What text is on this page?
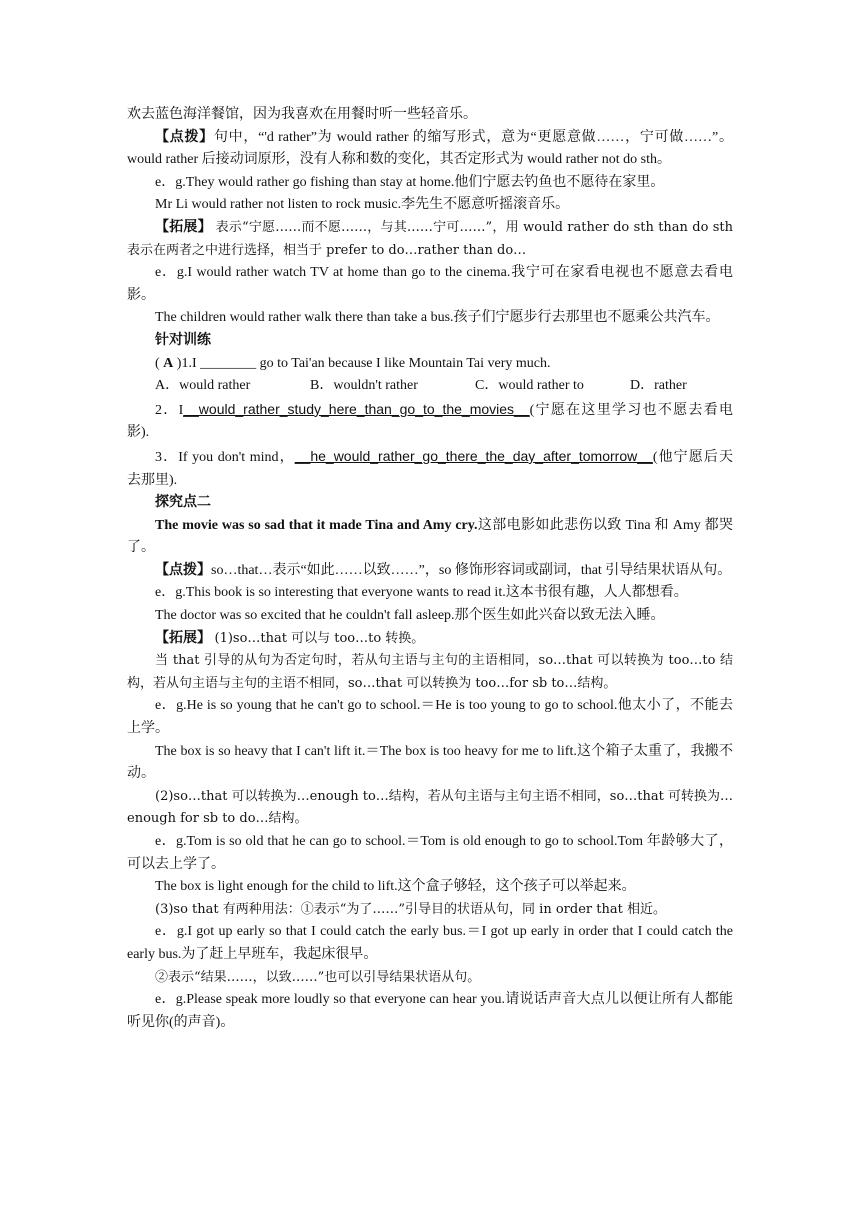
欢去蓝色海洋餐馆，因为我喜欢在用餐时听一些轻音乐。

【点拨】句中，“'d rather”为 would rather 的缩写形式，意为“更愿意做……，宁可做……”。would rather 后接动词原形，没有人称和数的变化，其否定形式为 would rather not do sth。

e．g.They would rather go fishing than stay at home.他们宁愿去钓鱼也不愿待在家里。

Mr Li would rather not listen to rock music.李先生不愿意听摇滚音乐。

【拓展】 表示“宁愿……而不愿……，与其……宁可……”，用 would rather do sth than do sth 表示在两者之中进行选择，相当于 prefer to do…rather than do…

e．g.I would rather watch TV at home than go to the cinema.我宁可在家看电视也不愿意去看电影。

The children would rather walk there than take a bus.孩子们宁愿步行去那里也不愿乘公共汽车。

针对训练

( A )1.I ________ go to Tai'an because I like Mountain Tai very much.

A．would rather	B．wouldn't rather	C．would rather to	D．rather

2．I__would_rather_study_here_than_go_to_the_movies__(宁愿在这里学习也不愿去看电影).

3．If you don't mind，__he_would_rather_go_there_the_day_after_tomorrow__(他宁愿后天去那里).

探究点二

The movie was so sad that it made Tina and Amy cry.这部电影如此悲伤以致 Tina 和 Amy 都哭了。

【点拨】so…that…表示“如此……以致……”，so 修饰形容词或副词，that 引导结果状语从句。

e．g.This book is so interesting that everyone wants to read it.这本书很有趣，人人都想看。

The doctor was so excited that he couldn't fall asleep.那个医生如此兴奋以致无法入睡。

【拓展】 (1)so…that 可以与 too…to 转换。

当 that 引导的从句为否定句时，若从句主语与主句的主语相同，so…that 可以转换为 too…to 结构，若从句主语与主句的主语不相同，so…that 可以转换为 too…for sb to…结构。

e．g.He is so young that he can't go to school.＝He is too young to go to school.他太小了，不能去上学。

The box is so heavy that I can't lift it.＝The box is too heavy for me to lift.这个箱子太重了，我搬不动。

(2)so…that 可以转换为…enough to…结构，若从句主语与主句主语不相同，so…that 可转换为…enough for sb to do…结构。

e．g.Tom is so old that he can go to school.＝Tom is old enough to go to school.Tom 年龄够大了，可以去上学了。

The box is light enough for the child to lift.这个盒子够轻，这个孩子可以举起来。

(3)so that 有两种用法：①表示“为了……”引导目的状语从句，同 in order that 相近。

e．g.I got up early so that I could catch the early bus.＝I got up early in order that I could catch the early bus.为了赶上早班车，我起床很早。

②表示“结果……，以致……”也可以引导结果状语从句。

e．g.Please speak more loudly so that everyone can hear you.请说话声音大点儿以便让所有人都能听见你(的声音)。
